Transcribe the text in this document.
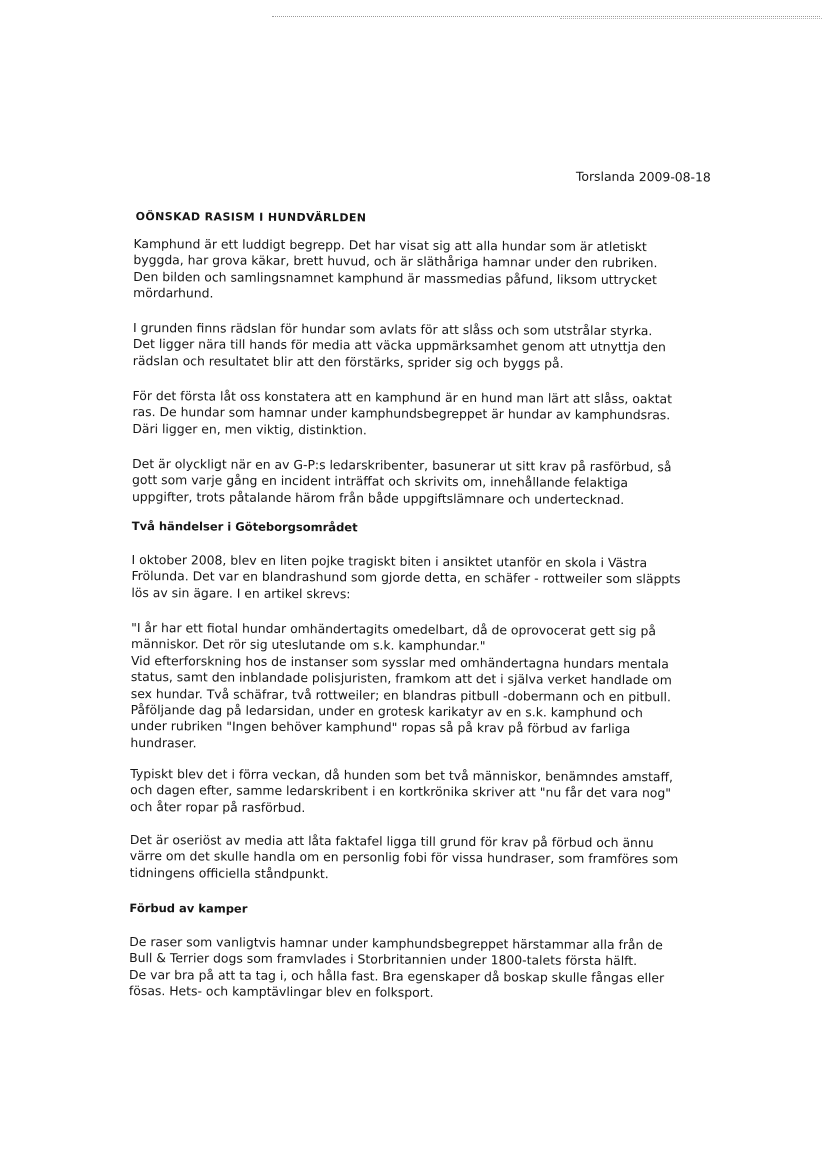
Torslanda 2009-08-18
OÖNSKAD RASISM I HUNDVÄRLDEN
Kamphund är ett luddigt begrepp. Det har visat sig att alla hundar som är atletiskt
byggda, har grova käkar, brett huvud, och är släthåriga hamnar under den rubriken.
Den bilden och samlingsnamnet kamphund är massmedias påfund, liksom uttrycket
mördarhund.
I grunden finns rädslan för hundar som avlats för att slåss och som utstrålar styrka.
Det ligger nära till hands för media att väcka uppmärksamhet genom att utnyttja den
rädslan och resultatet blir att den förstärks, sprider sig och byggs på.
För det första låt oss konstatera att en kamphund är en hund man lärt att slåss, oaktat
ras. De hundar som hamnar under kamphundsbegreppet är hundar av kamphundsras.
Däri ligger en, men viktig, distinktion.
Det är olyckligt när en av G-P:s ledarskribenter, basunerar ut sitt krav på rasförbud, så
gott som varje gång en incident inträffat och skrivits om, innehållande felaktiga
uppgifter, trots påtalande härom från både uppgiftslämnare och undertecknad.
Två händelser i Göteborgsområdet
I oktober 2008, blev en liten pojke tragiskt biten i ansiktet utanför en skola i Västra
Frölunda. Det var en blandrashund som gjorde detta, en schäfer - rottweiler som släppts
lös av sin ägare. I en artikel skrevs:
"I år har ett fiotal hundar omhändertagits omedelbart, då de oprovocerat gett sig på
människor. Det rör sig uteslutande om s.k. kamphundar."
Vid efterforskning hos de instanser som sysslar med omhändertagna hundars mentala
status, samt den inblandade polisjuristen, framkom att det i själva verket handlade om
sex hundar. Två schäfrar, två rottweiler; en blandras pitbull -dobermann och en pitbull.
Påföljande dag på ledarsidan, under en grotesk karikatyr av en s.k. kamphund och
under rubriken "Ingen behöver kamphund" ropas så på krav på förbud av farliga
hundraser.
Typiskt blev det i förra veckan, då hunden som bet två människor, benämndes amstaff,
och dagen efter, samme ledarskribent i en kortkrönika skriver att "nu får det vara nog"
och åter ropar på rasförbud.
Det är oseriöst av media att låta faktafel ligga till grund för krav på förbud och ännu
värre om det skulle handla om en personlig fobi för vissa hundraser, som framföres som
tidningens officiella ståndpunkt.
Förbud av kamper
De raser som vanligtvis hamnar under kamphundsbegreppet härstammar alla från de
Bull & Terrier dogs som framvlades i Storbritannien under 1800-talets första hälft.
De var bra på att ta tag i, och hålla fast. Bra egenskaper då boskap skulle fångas eller
fösas. Hets- och kamptävlingar blev en folksport.
